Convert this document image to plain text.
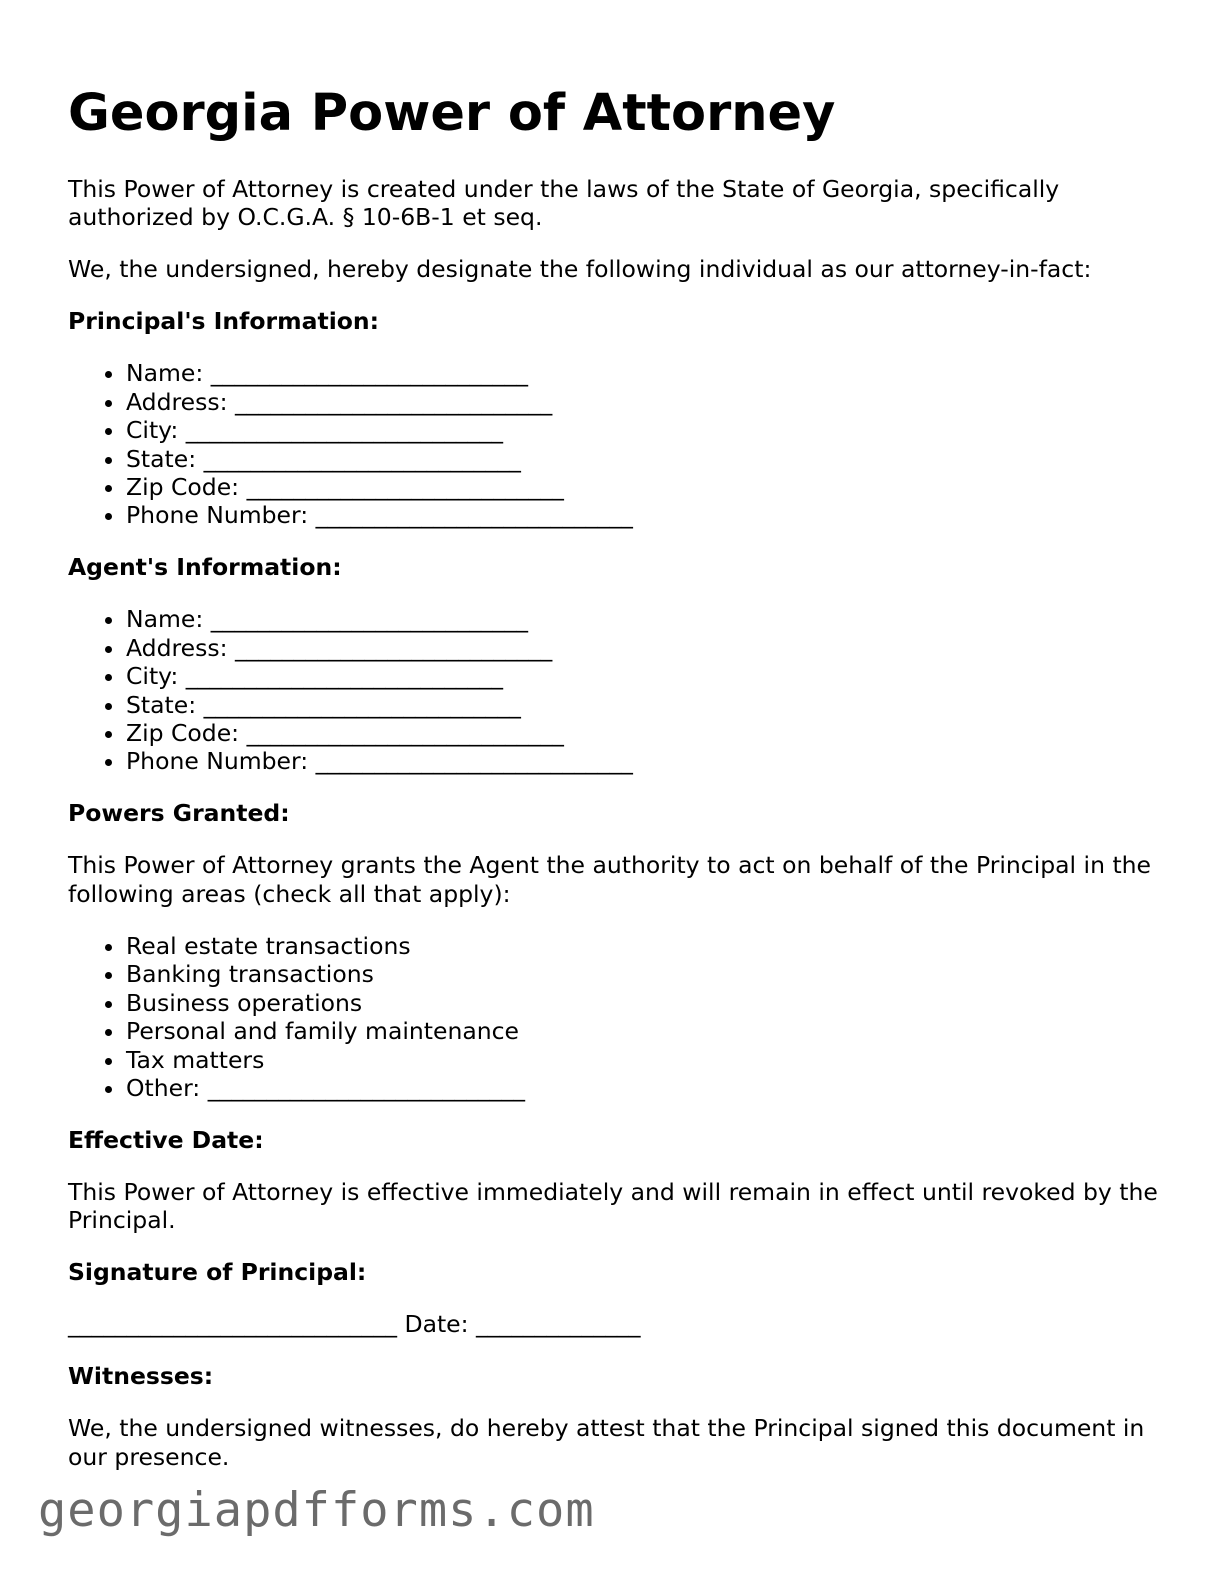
Georgia Power of Attorney

This Power of Attorney is created under the laws of the State of Georgia, specifically authorized by O.C.G.A. § 10-6B-1 et seq.

We, the undersigned, hereby designate the following individual as our attorney-in-fact:

Principal's Information:
• Name: ___________________________
• Address: ___________________________
• City: ___________________________
• State: ___________________________
• Zip Code: ___________________________
• Phone Number: ___________________________
Agent's Information:
• Name: ___________________________
• Address: ___________________________
• City: ___________________________
• State: ___________________________
• Zip Code: ___________________________
• Phone Number: ___________________________
Powers Granted:

This Power of Attorney grants the Agent the authority to act on behalf of the Principal in the following areas (check all that apply):

• Real estate transactions
• Banking transactions
• Business operations
• Personal and family maintenance
• Tax matters
• Other: ___________________________
Effective Date:

This Power of Attorney is effective immediately and will remain in effect until revoked by the Principal.

Signature of Principal:

____________________________ Date: ______________

Witnesses:

We, the undersigned witnesses, do hereby attest that the Principal signed this document in our presence.

georgiapdfforms.com
